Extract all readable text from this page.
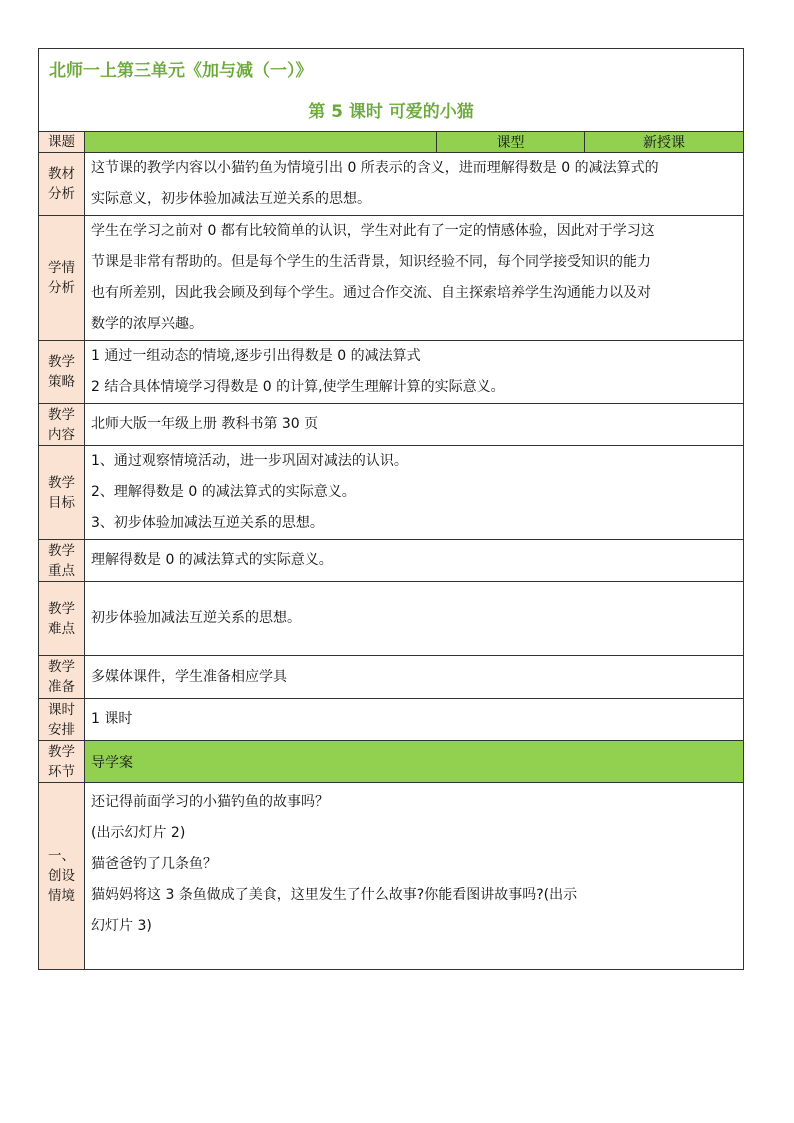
北师一上第三单元《加与减（一）》			
第 5 课时 可爱的小猫			
课题		课型	新授课

教材
分析	这节课的教学内容以小猫钓鱼为情境引出 0 所表示的含义，进而理解得数是 0 的减法算式的
实际意义，初步体验加减法互逆关系的思想。		

学情
分析	学生在学习之前对 0 都有比较简单的认识，学生对此有了一定的情感体验，因此对于学习这
节课是非常有帮助的。但是每个学生的生活背景，知识经验不同，每个同学接受知识的能力
也有所差别，因此我会顾及到每个学生。通过合作交流、自主探索培养学生沟通能力以及对
数学的浓厚兴趣。		

教学
策略	1 通过一组动态的情境,逐步引出得数是 0 的减法算式
2 结合具体情境学习得数是 0 的计算,使学生理解计算的实际意义。		

教学
内容	北师大版一年级上册 教科书第 30 页		

教学
目标	1、通过观察情境活动，进一步巩固对减法的认识。
2、理解得数是 0 的减法算式的实际意义。
3、初步体验加减法互逆关系的思想。		

教学
重点	理解得数是 0 的减法算式的实际意义。		

教学
难点	初步体验加减法互逆关系的思想。		

教学
准备	多媒体课件，学生准备相应学具		

课时
安排	1 课时		

教学
环节	导学案		

一、
创设
情境	还记得前面学习的小猫钓鱼的故事吗？
(出示幻灯片 2)
猫爸爸钓了几条鱼？
猫妈妈将这 3 条鱼做成了美食，这里发生了什么故事?你能看图讲故事吗?(出示
幻灯片 3)		
